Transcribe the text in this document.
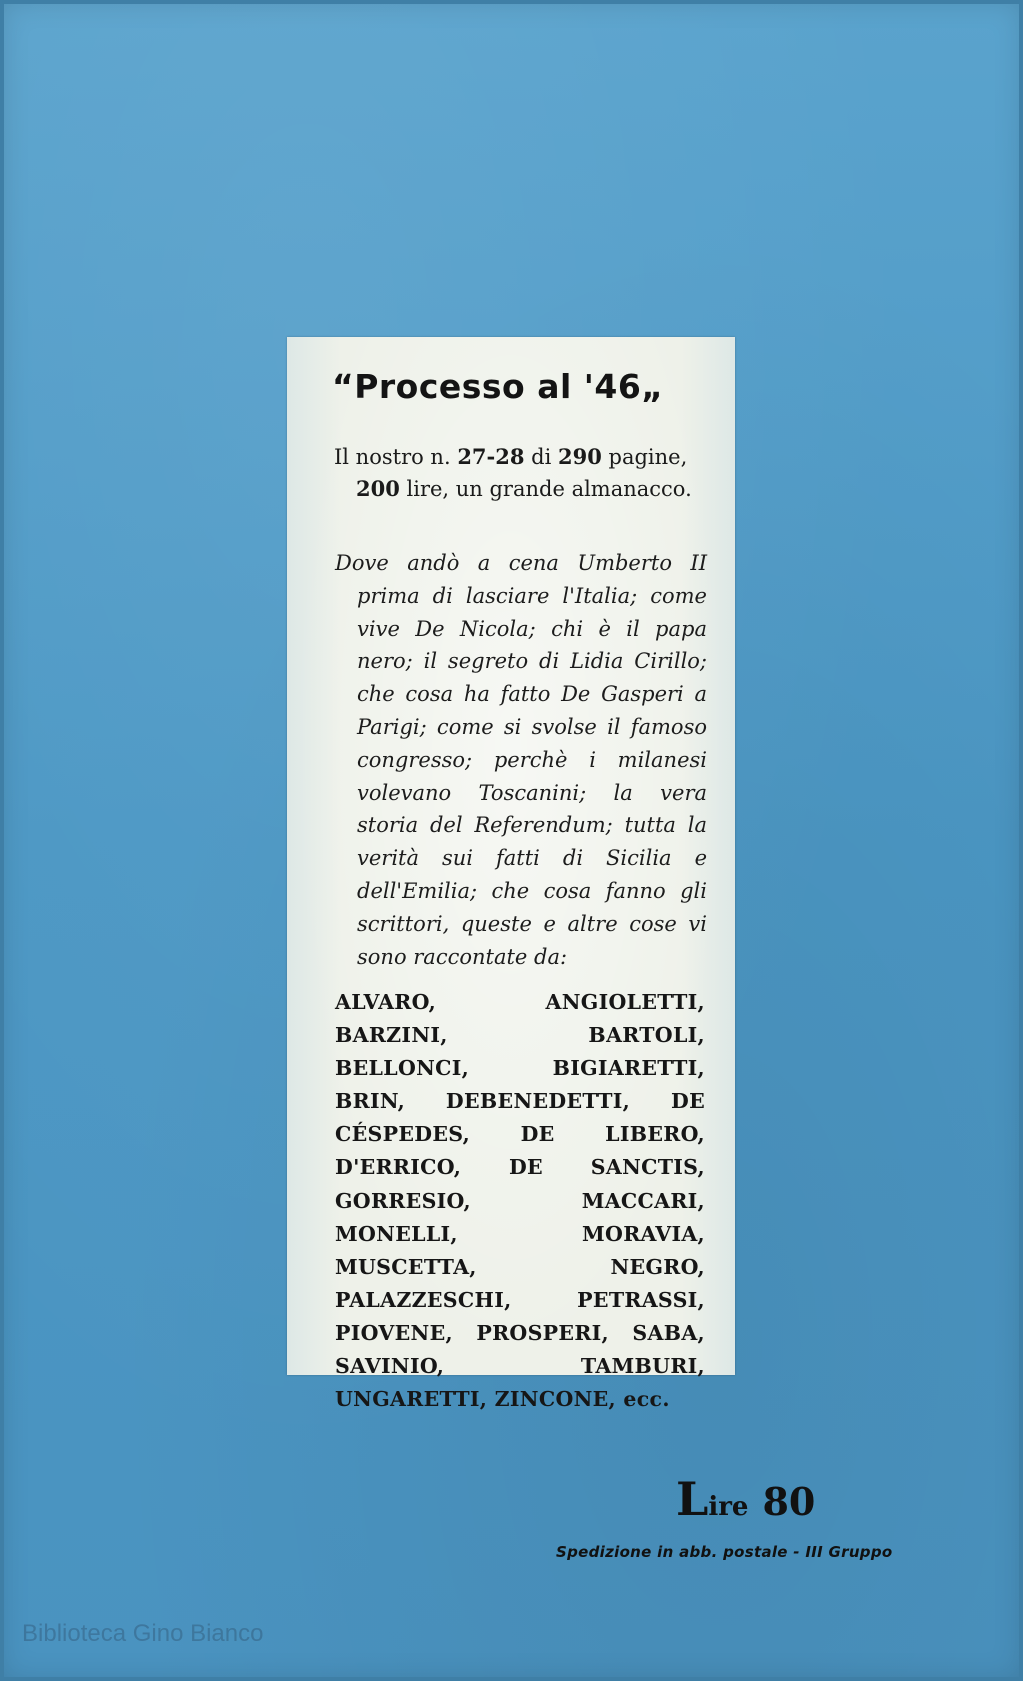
“Processo al '46„
Il nostro n. 27-28 di 290 pagine,
200 lire, un grande almanacco.
Dove andò a cena Umberto II prima di lasciare l'Italia; come vive De Nicola; chi è il papa nero; il segreto di Lidia Cirillo; che cosa ha fatto De Gasperi a Parigi; come si svolse il famoso congresso; perchè i milanesi volevano Toscanini; la vera storia del Referendum; tutta la verità sui fatti di Sicilia e dell'Emilia; che cosa fanno gli scrittori, queste e altre cose vi sono raccontate da:
ALVARO, ANGIOLETTI, BARZINI, BARTOLI, BELLONCI, BIGIARETTI, BRIN, DEBENEDETTI, DE CÉSPEDES, DE LIBERO, D'ERRICO, DE SANCTIS, GORRESIO, MACCARI, MONELLI, MORAVIA, MUSCETTA, NEGRO, PALAZZESCHI, PETRASSI, PIOVENE, PROSPERI, SABA, SAVINIO, TAMBURI, UNGARETTI, ZINCONE, ecc.
Lire 80
Spedizione in abb. postale - III Gruppo
Biblioteca Gino Bianco
